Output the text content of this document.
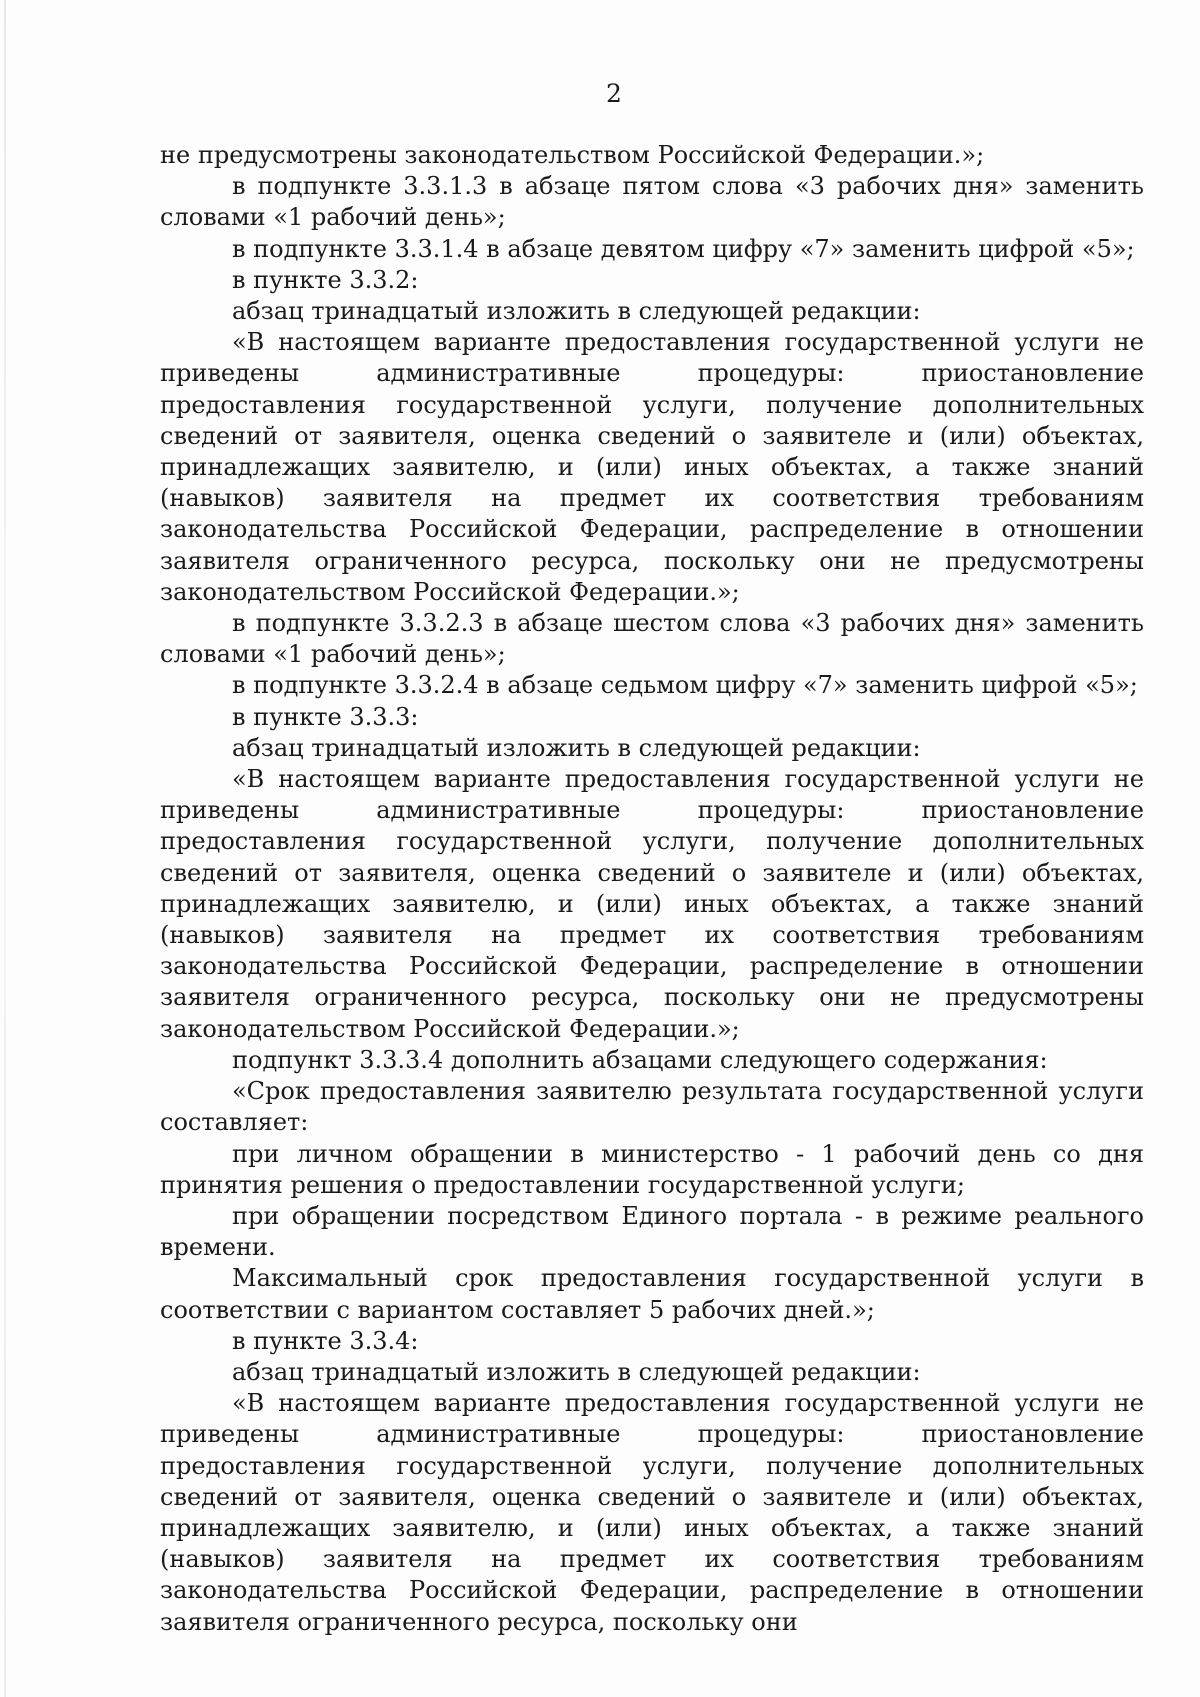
2

не предусмотрены законодательством Российской Федерации.»;

в подпункте 3.3.1.3 в абзаце пятом слова «3 рабочих дня» заменить словами «1 рабочий день»;

в подпункте 3.3.1.4 в абзаце девятом цифру «7» заменить цифрой «5»;

в пункте 3.3.2:

абзац тринадцатый изложить в следующей редакции:

«В настоящем варианте предоставления государственной услуги не приведены административные процедуры: приостановление предоставления государственной услуги, получение дополнительных сведений от заявителя, оценка сведений о заявителе и (или) объектах, принадлежащих заявителю, и (или) иных объектах, а также знаний (навыков) заявителя на предмет их соответствия требованиям законодательства Российской Федерации, распределение в отношении заявителя ограниченного ресурса, поскольку они не предусмотрены законодательством Российской Федерации.»;

в подпункте 3.3.2.3 в абзаце шестом слова «3 рабочих дня» заменить словами «1 рабочий день»;

в подпункте 3.3.2.4 в абзаце седьмом цифру «7» заменить цифрой «5»;

в пункте 3.3.3:

абзац тринадцатый изложить в следующей редакции:

«В настоящем варианте предоставления государственной услуги не приведены административные процедуры: приостановление предоставления государственной услуги, получение дополнительных сведений от заявителя, оценка сведений о заявителе и (или) объектах, принадлежащих заявителю, и (или) иных объектах, а также знаний (навыков) заявителя на предмет их соответствия требованиям законодательства Российской Федерации, распределение в отношении заявителя ограниченного ресурса, поскольку они не предусмотрены законодательством Российской Федерации.»;

подпункт 3.3.3.4 дополнить абзацами следующего содержания:

«Срок предоставления заявителю результата государственной услуги составляет:

при личном обращении в министерство - 1 рабочий день со дня принятия решения о предоставлении государственной услуги;

при обращении посредством Единого портала - в режиме реального времени.

Максимальный срок предоставления государственной услуги в соответствии с вариантом составляет 5 рабочих дней.»;

в пункте 3.3.4:

абзац тринадцатый изложить в следующей редакции:

«В настоящем варианте предоставления государственной услуги не приведены административные процедуры: приостановление предоставления государственной услуги, получение дополнительных сведений от заявителя, оценка сведений о заявителе и (или) объектах, принадлежащих заявителю, и (или) иных объектах, а также знаний (навыков) заявителя на предмет их соответствия требованиям законодательства Российской Федерации, распределение в отношении заявителя ограниченного ресурса, поскольку они
